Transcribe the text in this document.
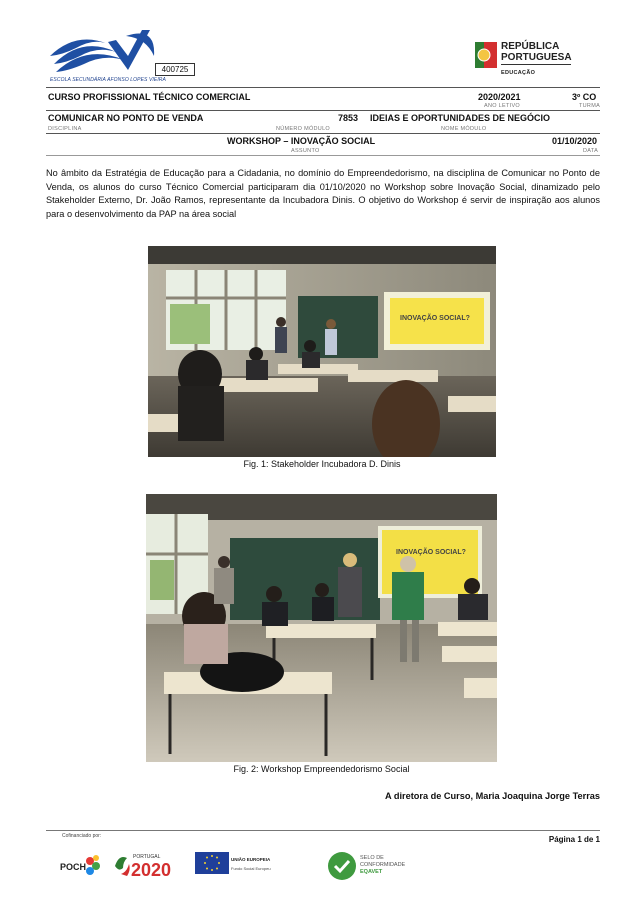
400725
ESCOLA SECUNDÁRIA AFONSO LOPES VIEIRA
REPÚBLICA
PORTUGUESA
EDUCAÇÃO
CURSO PROFISSIONAL TÉCNICO COMERCIAL	2020/2021
ANO LETIVO
3º CO
TURMA
COMUNICAR NO PONTO DE VENDA
DISCIPLINA
7853
NÚMERO MÓDULO
IDEIAS E OPORTUNIDADES DE NEGÓCIO
NOME MÓDULO
WORKSHOP – INOVAÇÃO SOCIAL
ASSUNTO
01/10/2020
DATA
No âmbito da Estratégia de Educação para a Cidadania, no domínio do Empreendedorismo, na disciplina de Comunicar no Ponto de Venda, os alunos do curso Técnico Comercial participaram dia 01/10/2020 no Workshop sobre Inovação Social, dinamizado pelo Stakeholder Externo, Dr. João Ramos, representante da Incubadora Dinis. O objetivo do Workshop é servir de inspiração aos alunos para o desenvolvimento da PAP na área social
INOVAÇÃO SOCIAL?
Fig. 1: Stakeholder Incubadora D. Dinis
INOVAÇÃO SOCIAL?
Fig. 2: Workshop Empreendedorismo Social
A diretora de Curso, Maria Joaquina Jorge Terras
Cofinanciado por:	Página 1 de 1
POCH
PORTUGAL
2020
UNIÃO EUROPEIA
Fundo Social Europeu
SELO DE
CONFORMIDADE
EQAVET
